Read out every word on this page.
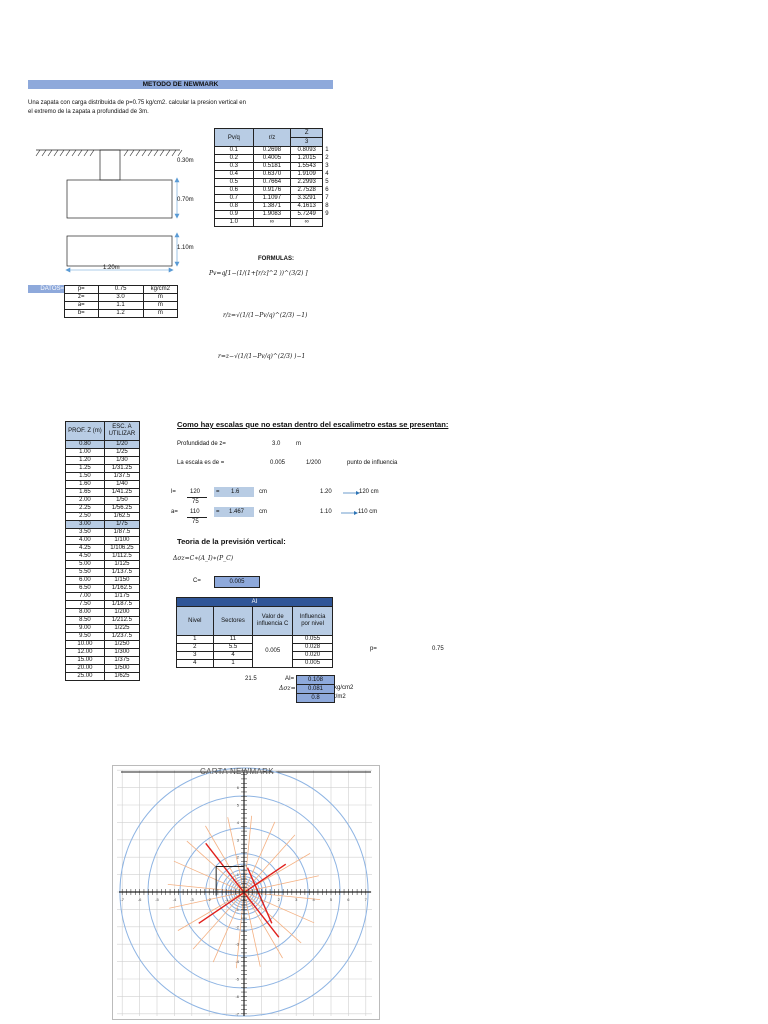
METODO DE NEWMARK
Una zapata con carga distribuida de p=0.75 kg/cm2. calcular la presion vertical en
el extremo de la zapata a profundidad de 3m.
0.30m
0.70m
1.10m
1.20m
Pv/q	r/z	Z	
		3	
0.1	0.2698	0.8093	1
0.2	0.4005	1.2015	2
0.3	0.5181	1.5543	3
0.4	0.6370	1.9109	4
0.5	0.7664	2.2993	5
0.6	0.9176	2.7528	6
0.7	1.1097	3.3291	7
0.8	1.3871	4.1613	8
0.9	1.9083	5.7249	9
1.0	∞	∞	
FORMULAS:
Pv=q[1−(1/(1+[r/z]^2 ))^(3/2) ]
r/z=√(1/(1−Pv/q)^(2/3) −1)
r=z−√(1/(1−Pv/q)^(2/3) )−1
DATOS= p=	0.75	kg/cm2
z=	3.0	m
a=	1.1	m
b=	1.2	m
PROF. Z (m)	ESC. A UTILIZAR
0.80	1/20
1.00	1/25
1.20	1/30
1.25	1/31.25
1.50	1/37.5
1.60	1/40
1.65	1/41.25
2.00	1/50
2.25	1/56.25
2.50	1/62.5
3.00	1/75
3.50	1/87.5
4.00	1/100
4.25	1/106.25
4.50	1/112.5
5.00	1/125
5.50	1/137.5
6.00	1/150
6.50	1/162.5
7.00	1/175
7.50	1/187.5
8.00	1/200
8.50	1/212.5
9.00	1/225
9.50	1/237.5
10.00	1/250
12.00	1/300
15.00	1/375
20.00	1/500
25.00	1/625
Como hay escalas que no estan dentro del escalimetro estas se presentan:
Profundidad de z=	3.0	m
La escala es de =	0.005	1/200	punto de influencia
l= 120
75
= 1.6	cm	1.20	120 cm
a= 110
75
= 1.467 cm	1.10	110 cm
Teoria de la previsión vertical:
Δσz=C∗(A_I)∗(P_C)
C=	0.005
AI			
Nivel	Sectores	Valor de influencia C	Influencia por nivel
1	11	0.005	0.055
2	5.5		0.028
3	4		0.020
4	1		0.005
21.5	AI=	0.108
Δσz=	0.081	kg/cm2
0.8	t/m2
p=	0.75
-7	-6	-5	-4	-3	-2	-1	0	1	2	3	4	5	6	7
6
5
4
3
2
1
-1
-2
-3
-4
-5
-6
-7
CARTA NEWMARK
